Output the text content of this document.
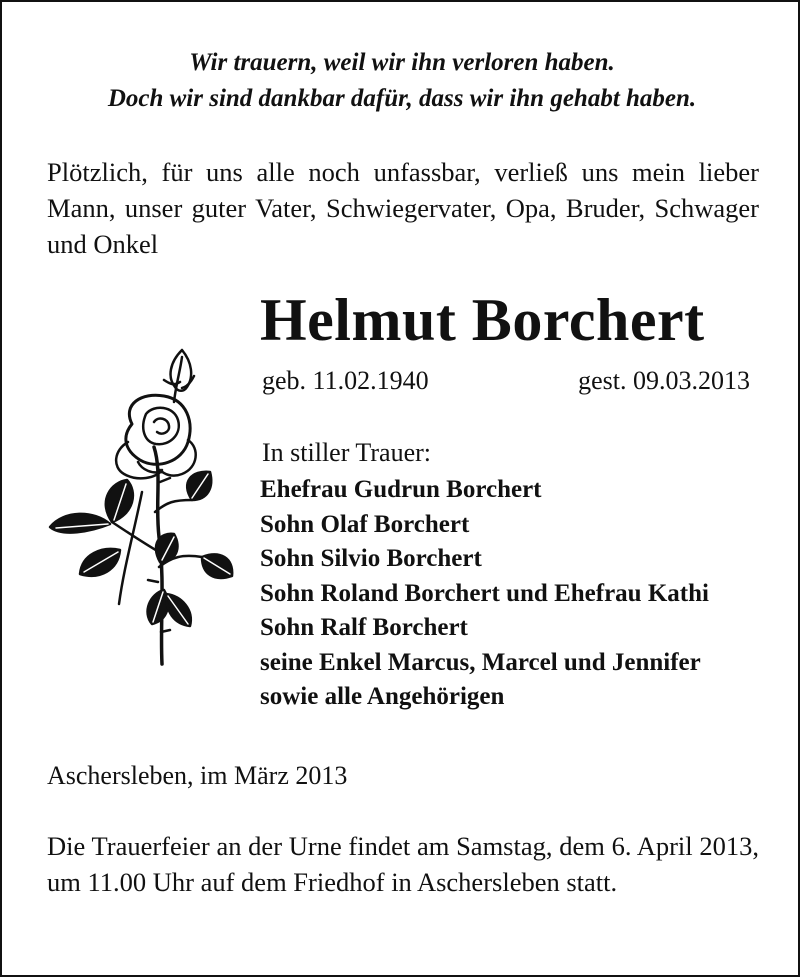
Wir trauern, weil wir ihn verloren haben.
Doch wir sind dankbar dafür, dass wir ihn gehabt haben.
Plötzlich, für uns alle noch unfassbar, verließ uns mein lieber Mann, unser guter Vater, Schwiegervater, Opa, Bruder, Schwager und Onkel
Helmut Borchert
geb. 11.02.1940	gest. 09.03.2013
In stiller Trauer:
Ehefrau Gudrun Borchert
Sohn Olaf Borchert
Sohn Silvio Borchert
Sohn Roland Borchert und Ehefrau Kathi
Sohn Ralf Borchert
seine Enkel Marcus, Marcel und Jennifer
sowie alle Angehörigen
Aschersleben, im März 2013
Die Trauerfeier an der Urne findet am Samstag, dem 6. April 2013, um 11.00 Uhr auf dem Friedhof in Aschersleben statt.
